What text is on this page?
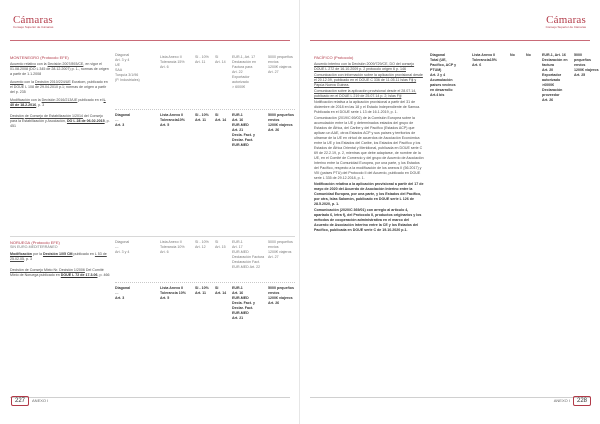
Cámaras
Consejo Superior de Cámaras
MONTENEGRO (Protocolo EFE)
Acuerdo relativo con la Decisión 2007/893/CE, en vigor el 01.08.2008 (DO L 345 de 28.12.2007) p. 1-, normas de origen a partir de 1.1.2008
Acuerdo con la Decisión 2010/224/UE Euratom, publicado en el DOUE L 108 de 29.04.2010 p.1; normas de origen a partir del p. 235
Modificación con la Decisión 2016/213/UE publicado en el L 40 de 18.2.2016, p. 3
Decisión de Consejo de Estabilización 1/2014 del Consejo para la Estabilización y Asociación, DO L 28 de 06.02.2015, p. 451
Diagonal
Art. 3 y 4
UE
SAA
Turquía 3/1/96
(P. Industriales)
Lista Anexo II
Tolerancia 15%
Art. 6
SI - 10%
Art. 11
SI
Art. 14
EUR-1, Art. 17
Declaración en Factura para
Art. 22
Exportador autorizado
> 6000€
5000 pequeños envíos
1200€ viajeros
Art. 27
Diagonal
---
Art. 3
Lista Anexo II
Tolerancia10%
Art. 5
SI - 10%
Art. 11
SI
Art. 14
EUR-1
Art. 16
EUR-MED
Art. 21
Decla. Fact. y Declar. Fact.
EUR-MED
5000 pequeños envíos
1200€ viajeros
Art. 26
NORUEGA (Protocolo EFE)
SIN EURO-MEDITERRÁNEO
Modificación por la Decisión 1/05 CM publicado en L 53 de 25.02.05, p. 3
Decisión de Consejo Mixto Nr. Decisión 1/2006 Del Comité Mixto de Noruega publicado en DOUE L 72 de 17.3.06, p. 466
Diagonal
---
Art. 3 y 4
Lista Anexo II
Tolerancia 10%
Art. 6
SI - 10%
Art. 12
SI
Art. 15
EUR-1
Art. 17
EUR-MED
Declaración Factura
Declaración Fact. EUR-MED Art. 22
5000 pequeños envíos
1200€ viajeros
Art. 27
Diagonal
---
Art. 3
Lista Anexo II
Tolerancia 10%
Art. 5
SI - 10%
Art. 11
SI
Art. 14
EUR-1
Art. 16
EUR-MED
Decla. Fact. y Declar. Fact.
EUR-MED
Art. 21
5000 pequeños envíos
1200€ viajeros
Art. 26
227 ANEXO I
Cámaras
Consejo Superior de Cámaras
PACÍFICO (Protocolo)
Acuerdo interino con la Decisión 2009/729/CE, DO del consejo DOUE L 272 de 16.10.2009 p. 2 protocolo origen 6 p. 146
Comunicación con información sobre la aplicación provisional desde el 20.12.09, publicado en el DOUE C 336 de 11.05.11 Islas Fiji y Papúa Nueva Guinea.
Comunicación sobre la aplicación provisional desde el 28.07.14, publicado en el DOUE L 219 de 25.07.14 p. 2; Islas Fiji
Notificación relativa a la aplicación provisional a partir del 31 de diciembre de 2018 en las 18 y el Estado Independiente de Samoa. Publicada en el DOUE serie L 13 de 16.1.2019, p. 1.
Comunicación (2019/C 69/02) de la Comisión Europea sobre la acumulación entre la UE y determinados estados del grupo de Estados de África, del Caribe y del Pacífico (Estados ACP) que aplican un AAE, otros Estados ACP y sus países y territorios de ultramar de la UE en virtud de acuerdos de Asociación Económica entre la UE y los Estados del Caribe, los Estados del Pacífico y los Estados de África Oriental y Meridional, publicada en DOUE serie C 69 de 22.2.19, p. 2, mientras que debe adaptarse, de nombre de la UE, en el Comité de Comercio y del grupo de Acuerdo de Asociación Interino entre la Comunidad Europea, por una parte, y los Estados del Pacífico, respecto a la modificación de los anexos II (56.2017) y VIII (países PTU) del Protocolo II del Acuerdo, publicado en DOUE serie L 335 de 29.12.2018, p. 1.
Notificación relativa a la aplicación provisional a partir del 17 de mayo de 2020 del Acuerdo de Asociación Interino entre la Comunidad Europea, por una parte, y los Estados del Pacífico, por otra, Islas Salomón, publicado en DOUE serie L 126 de 28.5.2020, p. 1.
Comunicación (2020/C 369/01) con arreglo al artículo 4, apartado 6, letra f), del Protocolo II, productos originarios y los métodos de cooperación administrativa en el marco del Acuerdo de Asociación Interino entre la CE y los Estados del Pacífico, publicada en DOUE serie C de 19.10.2020 p.1.
Diagonal
Total (UE,
Pacífico, ACP y
PTUM)
Art. 2 y 4
Acumulación
países vecinos
en desarrollo
Art.4 bis
Lista Anexo II
Tolerancia15%
Art. 6
No	No	EUR-1, Art. 16
Declaración en factura
Art. 20
Exportador autorizado
>6000€
Declaración proveedor
Art. 26
5000 pequeños envíos
1200€ viajeros
Art. 25
ANEXO I 228
